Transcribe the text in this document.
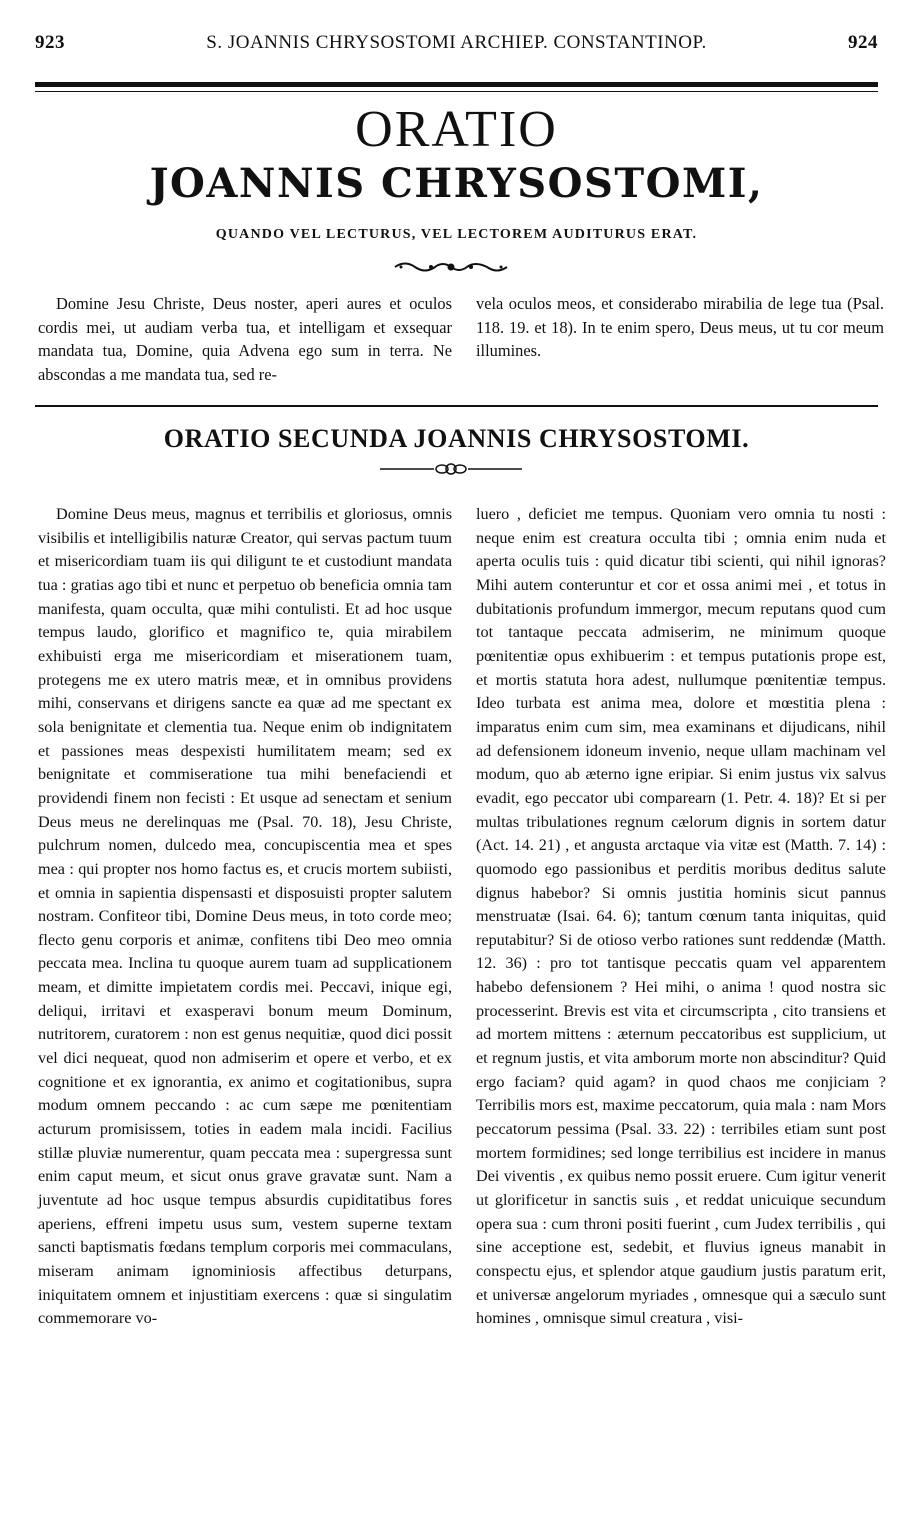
923	S. JOANNIS CHRYSOSTOMI ARCHIEP. CONSTANTINOP.	924
ORATIO
JOANNIS CHRYSOSTOMI,
QUANDO VEL LECTURUS, VEL LECTOREM AUDITURUS ERAT.

Domine Jesu Christe, Deus noster, aperi aures et oculos cordis mei, ut audiam verba tua, et intelligam et exsequar mandata tua, Domine, quia Advena ego sum in terra. Ne abscondas a me mandata tua, sed re-

vela oculos meos, et considerabo mirabilia de lege tua (Psal. 118. 19. et 18). In te enim spero, Deus meus, ut tu cor meum illumines.

ORATIO SECUNDA JOANNIS CHRYSOSTOMI.

Domine Deus meus, magnus et terribilis et gloriosus, omnis visibilis et intelligibilis naturæ Creator, qui servas pactum tuum et misericordiam tuam iis qui diligunt te et custodiunt mandata tua : gratias ago tibi et nunc et perpetuo ob beneficia omnia tam manifesta, quam occulta, quæ mihi contulisti. Et ad hoc usque tempus laudo, glorifico et magnifico te, quia mirabilem exhibuisti erga me misericordiam et miserationem tuam, protegens me ex utero matris meæ, et in omnibus providens mihi, conservans et dirigens sancte ea quæ ad me spectant ex sola benignitate et clementia tua. Neque enim ob indignitatem et passiones meas despexisti humilitatem meam; sed ex benignitate et commiseratione tua mihi benefaciendi et providendi finem non fecisti : Et usque ad senectam et senium Deus meus ne derelinquas me (Psal. 70. 18), Jesu Christe, pulchrum nomen, dulcedo mea, concupiscentia mea et spes mea : qui propter nos homo factus es, et crucis mortem subiisti, et omnia in sapientia dispensasti et disposuisti propter salutem nostram. Confiteor tibi, Domine Deus meus, in toto corde meo; flecto genu corporis et animæ, confitens tibi Deo meo omnia peccata mea. Inclina tu quoque aurem tuam ad supplicationem meam, et dimitte impietatem cordis mei. Peccavi, inique egi, deliqui, irritavi et exasperavi bonum meum Dominum, nutritorem, curatorem : non est genus nequitiæ, quod dici possit vel dici nequeat, quod non admiserim et opere et verbo, et ex cognitione et ex ignorantia, ex animo et cogitationibus, supra modum omnem peccando : ac cum sæpe me pœnitentiam acturum promisissem, toties in eadem mala incidi. Facilius stillæ pluviæ numerentur, quam peccata mea : supergressa sunt enim caput meum, et sicut onus grave gravatæ sunt. Nam a juventute ad hoc usque tempus absurdis cupiditatibus fores aperiens, effreni impetu usus sum, vestem superne textam sancti baptismatis fœdans templum corporis mei commaculans, miseram animam ignominiosis affectibus deturpans, iniquitatem omnem et injustitiam exercens : quæ si singulatim commemorare vo-

luero , deficiet me tempus. Quoniam vero omnia tu nosti : neque enim est creatura occulta tibi ; omnia enim nuda et aperta oculis tuis : quid dicatur tibi scienti, qui nihil ignoras? Mihi autem conteruntur et cor et ossa animi mei , et totus in dubitationis profundum immergor, mecum reputans quod cum tot tantaque peccata admiserim, ne minimum quoque pœnitentiæ opus exhibuerim : et tempus putationis prope est, et mortis statuta hora adest, nullumque pœnitentiæ tempus. Ideo turbata est anima mea, dolore et mœstitia plena : imparatus enim cum sim, mea examinans et dijudicans, nihil ad defensionem idoneum invenio, neque ullam machinam vel modum, quo ab æterno igne eripiar. Si enim justus vix salvus evadit, ego peccator ubi comparearn (1. Petr. 4. 18)? Et si per multas tribulationes regnum cælorum dignis in sortem datur (Act. 14. 21) , et angusta arctaque via vitæ est (Matth. 7. 14) : quomodo ego passionibus et perditis moribus deditus salute dignus habebor? Si omnis justitia hominis sicut pannus menstruatæ (Isai. 64. 6); tantum cœnum tanta iniquitas, quid reputabitur? Si de otioso verbo rationes sunt reddendæ (Matth. 12. 36) : pro tot tantisque peccatis quam vel apparentem habebo defensionem ? Hei mihi, o anima ! quod nostra sic processerint. Brevis est vita et circumscripta , cito transiens et ad mortem mittens : æternum peccatoribus est supplicium, ut et regnum justis, et vita amborum morte non abscinditur? Quid ergo faciam? quid agam? in quod chaos me conjiciam ? Terribilis mors est, maxime peccatorum, quia mala : nam Mors peccatorum pessima (Psal. 33. 22) : terribiles etiam sunt post mortem formidines; sed longe terribilius est incidere in manus Dei viventis , ex quibus nemo possit eruere. Cum igitur venerit ut glorificetur in sanctis suis , et reddat unicuique secundum opera sua : cum throni positi fuerint , cum Judex terribilis , qui sine acceptione est, sedebit, et fluvius igneus manabit in conspectu ejus, et splendor atque gaudium justis paratum erit, et universæ angelorum myriades , omnesque qui a sæculo sunt homines , omnisque simul creatura , visi-
